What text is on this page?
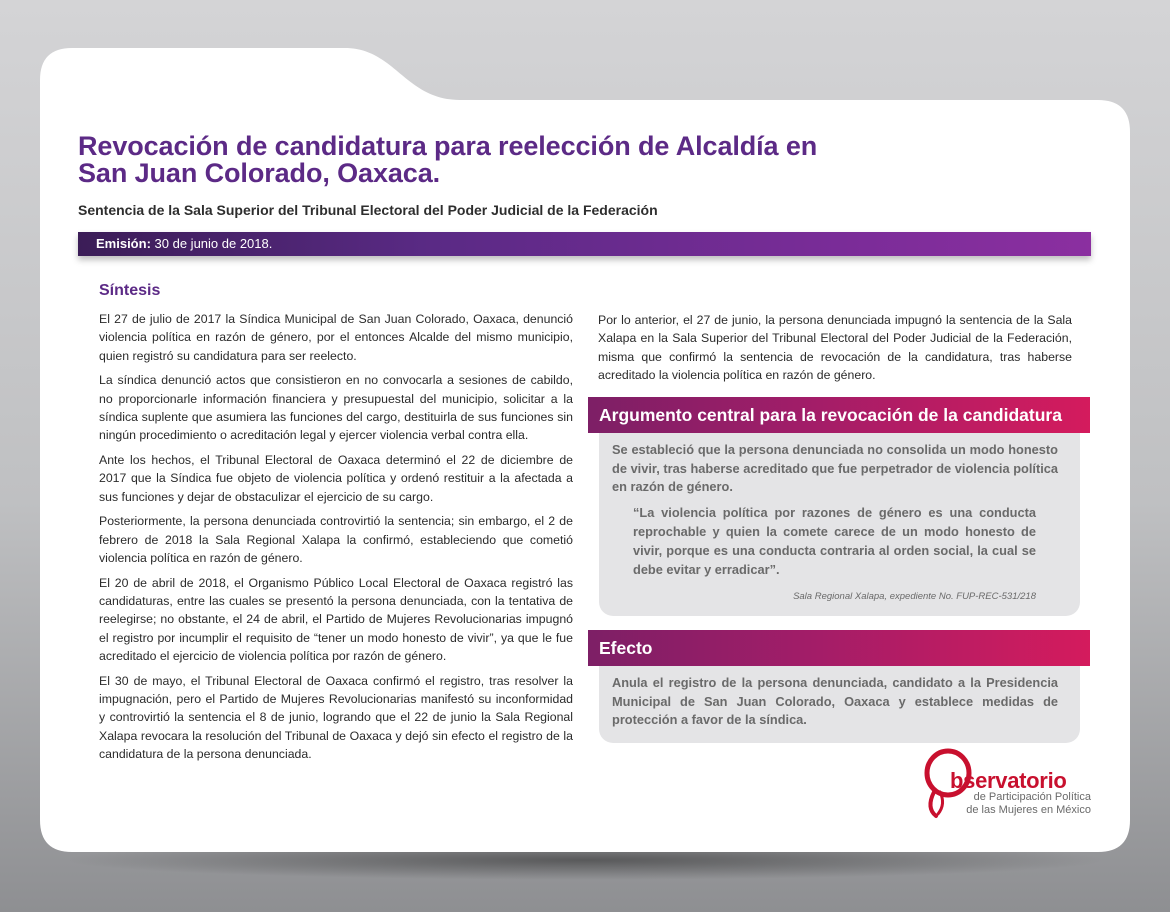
Revocación de candidatura para reelección de Alcaldía en San Juan Colorado, Oaxaca.

Sentencia de la Sala Superior del Tribunal Electoral del Poder Judicial de la Federación

Emisión: 30 de junio de 2018.
Síntesis

El 27 de julio de 2017 la Síndica Municipal de San Juan Colorado, Oaxaca, denunció violencia política en razón de género, por el entonces Alcalde del mismo municipio, quien registró su candidatura para ser reelecto.

La síndica denunció actos que consistieron en no convocarla a sesiones de cabildo, no proporcionarle información financiera y presupuestal del municipio, solicitar a la síndica suplente que asumiera las funciones del cargo, destituirla de sus funciones sin ningún procedimiento o acreditación legal y ejercer violencia verbal contra ella.

Ante los hechos, el Tribunal Electoral de Oaxaca determinó el 22 de diciembre de 2017 que la Síndica fue objeto de violencia política y ordenó restituir a la afectada a sus funciones y dejar de obstaculizar el ejercicio de su cargo.

Posteriormente, la persona denunciada controvirtió la sentencia; sin embargo, el 2 de febrero de 2018 la Sala Regional Xalapa la confirmó, estableciendo que cometió violencia política en razón de género.

El 20 de abril de 2018, el Organismo Público Local Electoral de Oaxaca registró las candidaturas, entre las cuales se presentó la persona denunciada, con la tentativa de reelegirse; no obstante, el 24 de abril, el Partido de Mujeres Revolucionarias impugnó el registro por incumplir el requisito de “tener un modo honesto de vivir”, ya que le fue acreditado el ejercicio de violencia política por razón de género.

El 30 de mayo, el Tribunal Electoral de Oaxaca confirmó el registro, tras resolver la impugnación, pero el Partido de Mujeres Revolucionarias manifestó su inconformidad y controvirtió la sentencia el 8 de junio, logrando que el 22 de junio la Sala Regional Xalapa revocara la resolución del Tribunal de Oaxaca y dejó sin efecto el registro de la candidatura de la persona denunciada.

Por lo anterior, el 27 de junio, la persona denunciada impugnó la sentencia de la Sala Xalapa en la Sala Superior del Tribunal Electoral del Poder Judicial de la Federación, misma que confirmó la sentencia de revocación de la candidatura, tras haberse acreditado la violencia política en razón de género.

Argumento central para la revocación de la candidatura

Se estableció que la persona denunciada no consolida un modo honesto de vivir, tras haberse acreditado que fue perpetrador de violencia política en razón de género.

“La violencia política por razones de género es una conducta reprochable y quien la comete carece de un modo honesto de vivir, porque es una conducta contraria al orden social, la cual se debe evitar y erradicar”.

Sala Regional Xalapa, expediente No. FUP-REC-531/218

Efecto

Anula el registro de la persona denunciada, candidato a la Presidencia Municipal de San Juan Colorado, Oaxaca y establece medidas de protección a favor de la síndica.

bservatorio
de Participación Política
de las Mujeres en México
